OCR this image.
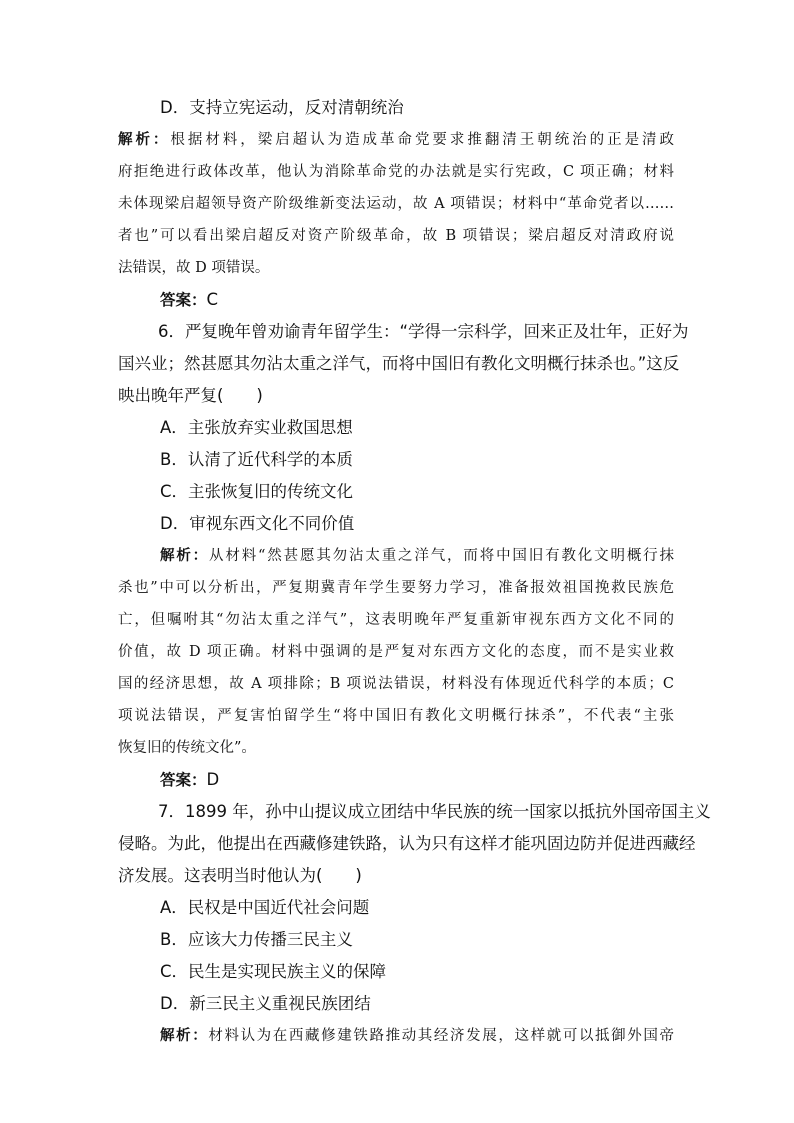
D．支持立宪运动，反对清朝统治
解析：根据材料，梁启超认为造成革命党要求推翻清王朝统治的正是清政
府拒绝进行政体改革，他认为消除革命党的办法就是实行宪政，C 项正确；材料
未体现梁启超领导资产阶级维新变法运动，故 A 项错误；材料中“革命党者以……
者也”可以看出梁启超反对资产阶级革命，故 B 项错误；梁启超反对清政府说
法错误，故 D 项错误。
答案：C
6．严复晚年曾劝谕青年留学生：“学得一宗科学，回来正及壮年，正好为
国兴业；然甚愿其勿沾太重之洋气，而将中国旧有教化文明概行抹杀也。”这反
映出晚年严复(　　)
A．主张放弃实业救国思想
B．认清了近代科学的本质
C．主张恢复旧的传统文化
D．审视东西文化不同价值
解析：从材料“然甚愿其勿沾太重之洋气，而将中国旧有教化文明概行抹
杀也”中可以分析出，严复期冀青年学生要努力学习，准备报效祖国挽救民族危
亡，但嘱咐其“勿沾太重之洋气”，这表明晚年严复重新审视东西方文化不同的
价值，故 D 项正确。材料中强调的是严复对东西方文化的态度，而不是实业救
国的经济思想，故 A 项排除；B 项说法错误，材料没有体现近代科学的本质；C
项说法错误，严复害怕留学生“将中国旧有教化文明概行抹杀”，不代表“主张
恢复旧的传统文化”。
答案：D
7．1899 年，孙中山提议成立团结中华民族的统一国家以抵抗外国帝国主义
侵略。为此，他提出在西藏修建铁路，认为只有这样才能巩固边防并促进西藏经
济发展。这表明当时他认为(　　)
A．民权是中国近代社会问题
B．应该大力传播三民主义
C．民生是实现民族主义的保障
D．新三民主义重视民族团结
解析：材料认为在西藏修建铁路推动其经济发展，这样就可以抵御外国帝
